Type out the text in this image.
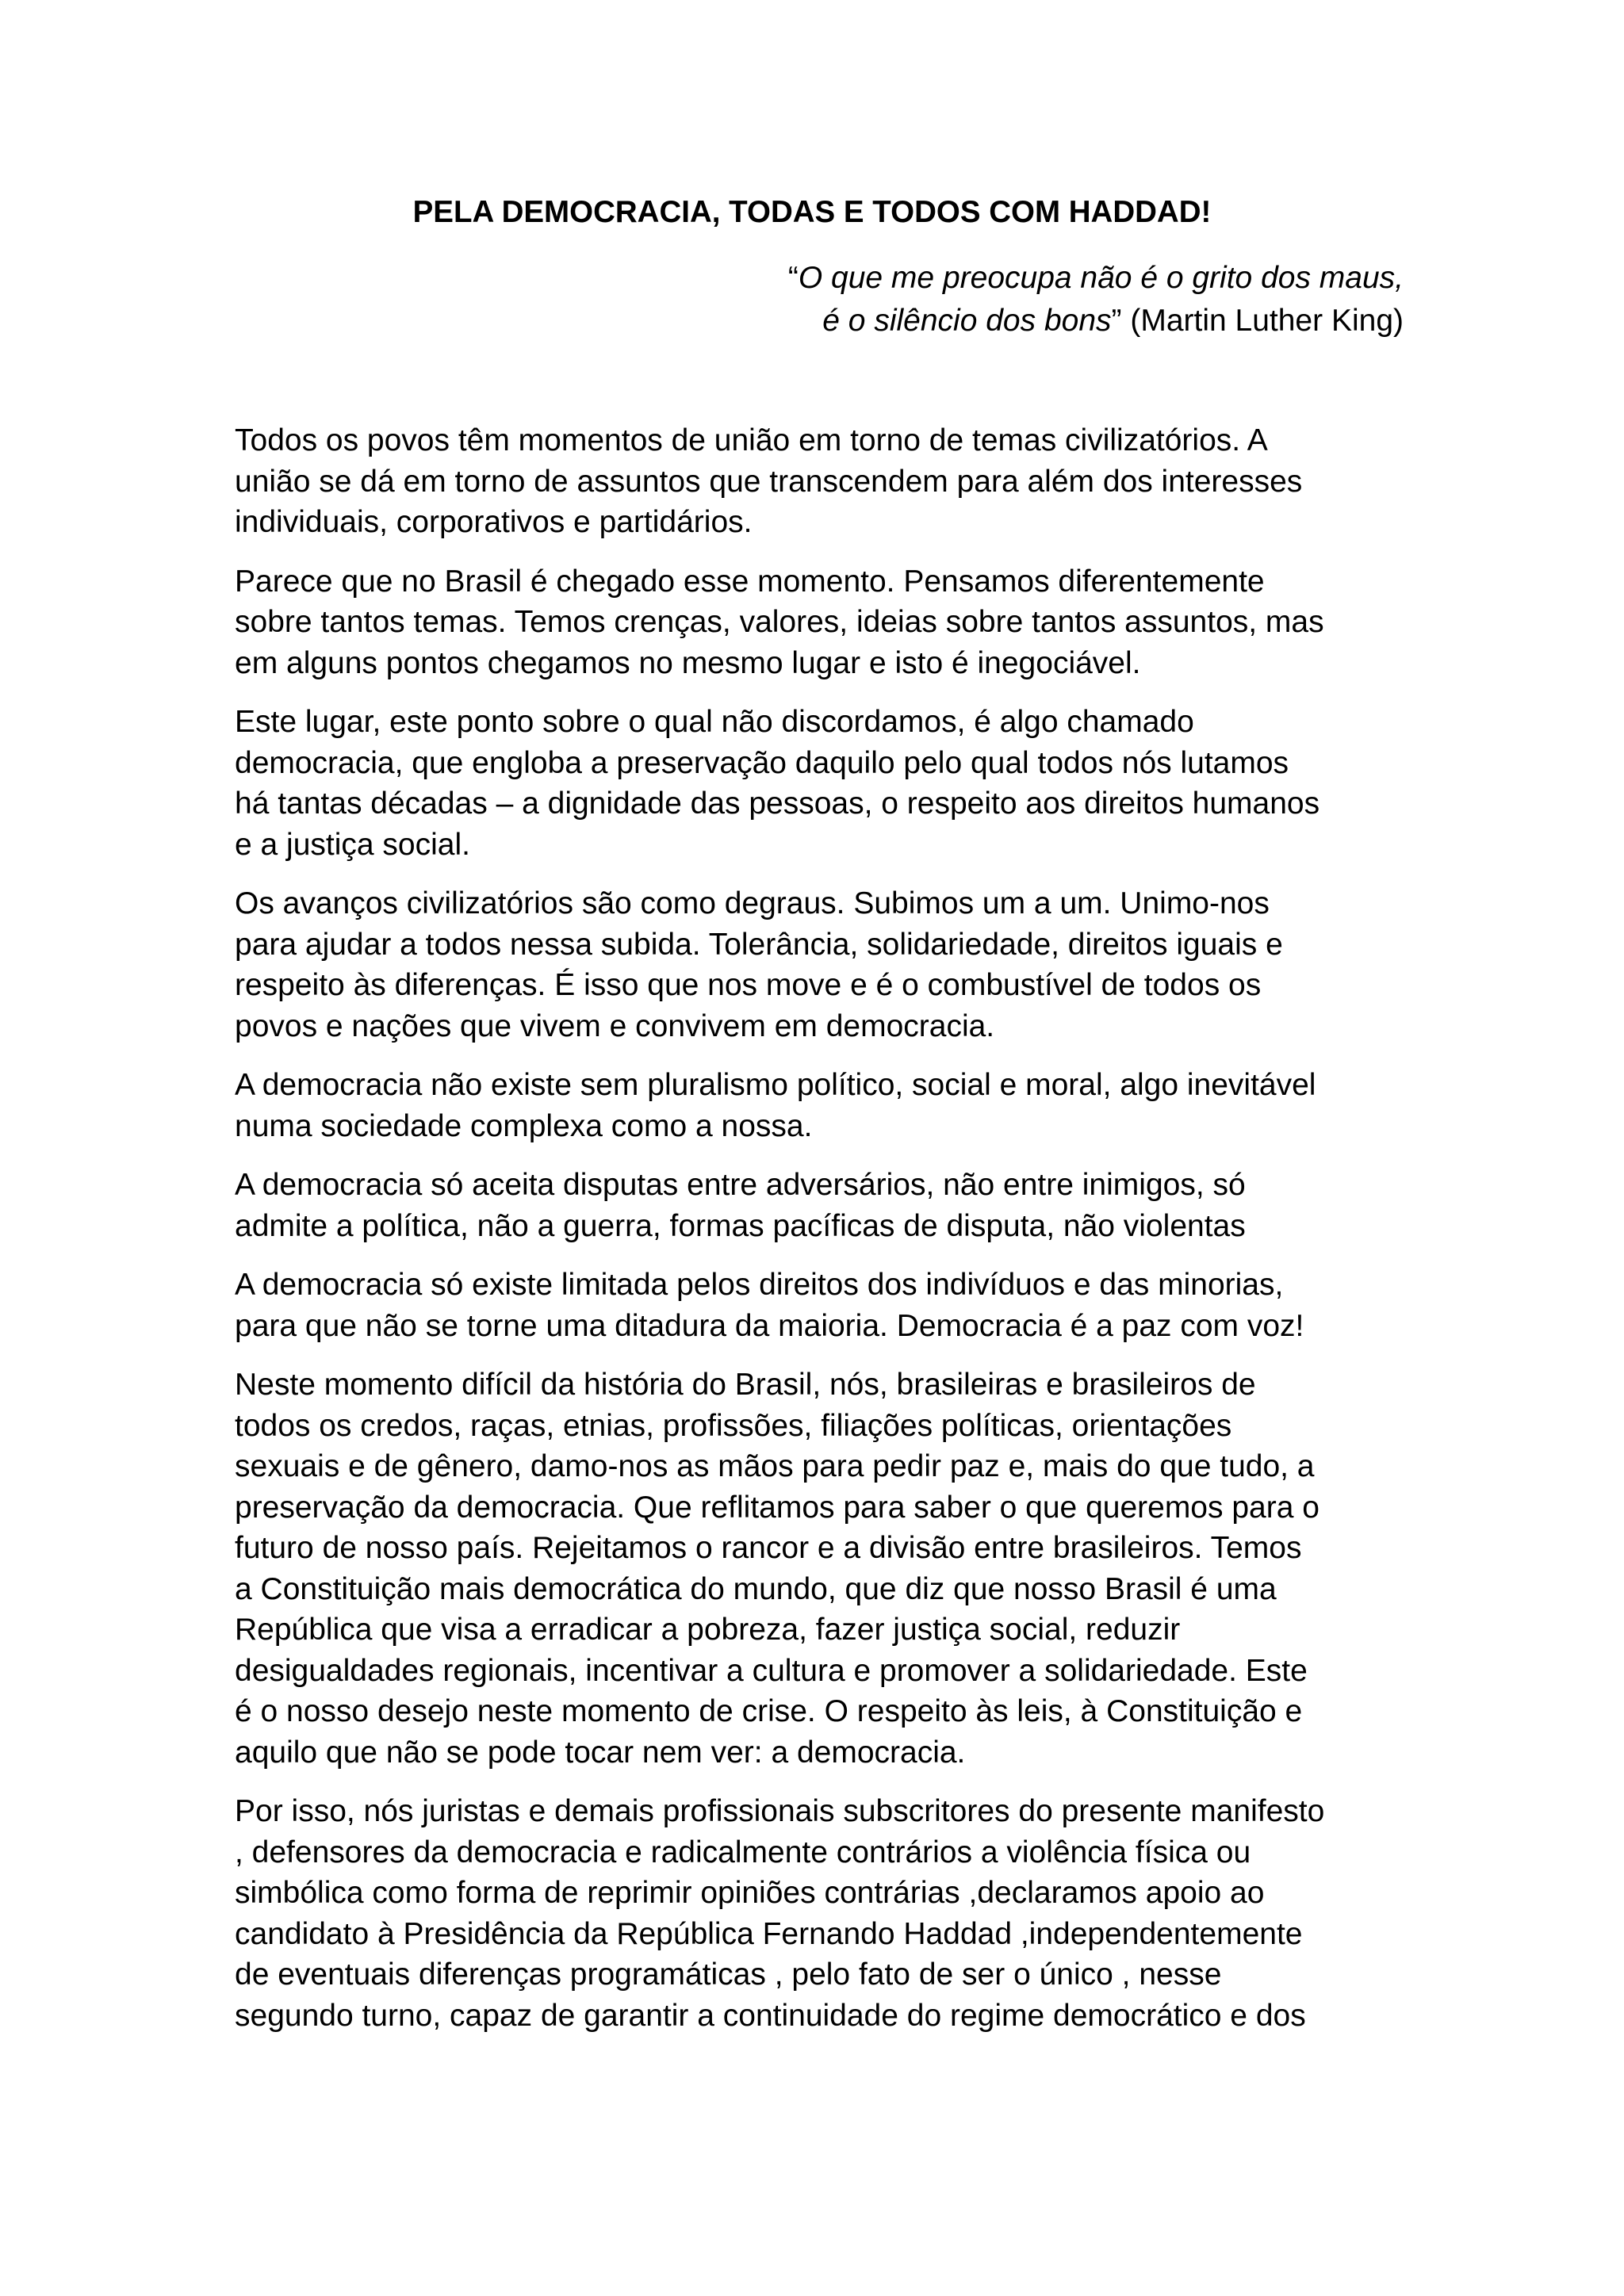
PELA DEMOCRACIA, TODAS E TODOS COM HADDAD!
“O que me preocupa não é o grito dos maus,
é o silêncio dos bons” (Martin Luther King)
Todos os povos têm momentos de união em torno de temas civilizatórios. A
união se dá em torno de assuntos que transcendem para além dos interesses
individuais, corporativos e partidários.
Parece que no Brasil é chegado esse momento. Pensamos diferentemente
sobre tantos temas. Temos crenças, valores, ideias sobre tantos assuntos, mas
em alguns pontos chegamos no mesmo lugar e isto é inegociável.
Este lugar, este ponto sobre o qual não discordamos, é algo chamado
democracia, que engloba a preservação daquilo pelo qual todos nós lutamos
há tantas décadas – a dignidade das pessoas, o respeito aos direitos humanos
e a justiça social.
Os avanços civilizatórios são como degraus. Subimos um a um. Unimo-nos
para ajudar a todos nessa subida. Tolerância, solidariedade, direitos iguais e
respeito às diferenças. É isso que nos move e é o combustível de todos os
povos e nações que vivem e convivem em democracia.
A democracia não existe sem pluralismo político, social e moral, algo inevitável
numa sociedade complexa como a nossa.
A democracia só aceita disputas entre adversários, não entre inimigos, só
admite a política, não a guerra, formas pacíficas de disputa, não violentas
A democracia só existe limitada pelos direitos dos indivíduos e das minorias,
para que não se torne uma ditadura da maioria. Democracia é a paz com voz!
Neste momento difícil da história do Brasil, nós, brasileiras e brasileiros de
todos os credos, raças, etnias, profissões, filiações políticas, orientações
sexuais e de gênero, damo-nos as mãos para pedir paz e, mais do que tudo, a
preservação da democracia. Que reflitamos para saber o que queremos para o
futuro de nosso país. Rejeitamos o rancor e a divisão entre brasileiros. Temos
a Constituição mais democrática do mundo, que diz que nosso Brasil é uma
República que visa a erradicar a pobreza, fazer justiça social, reduzir
desigualdades regionais, incentivar a cultura e promover a solidariedade. Este
é o nosso desejo neste momento de crise. O respeito às leis, à Constituição e
aquilo que não se pode tocar nem ver: a democracia.
Por isso, nós juristas e demais profissionais subscritores do presente manifesto
, defensores da democracia e radicalmente contrários a violência física ou
simbólica como forma de reprimir opiniões contrárias ,declaramos apoio ao
candidato à Presidência da República Fernando Haddad ,independentemente
de eventuais diferenças programáticas , pelo fato de ser o único , nesse
segundo turno, capaz de garantir a continuidade do regime democrático e dos
